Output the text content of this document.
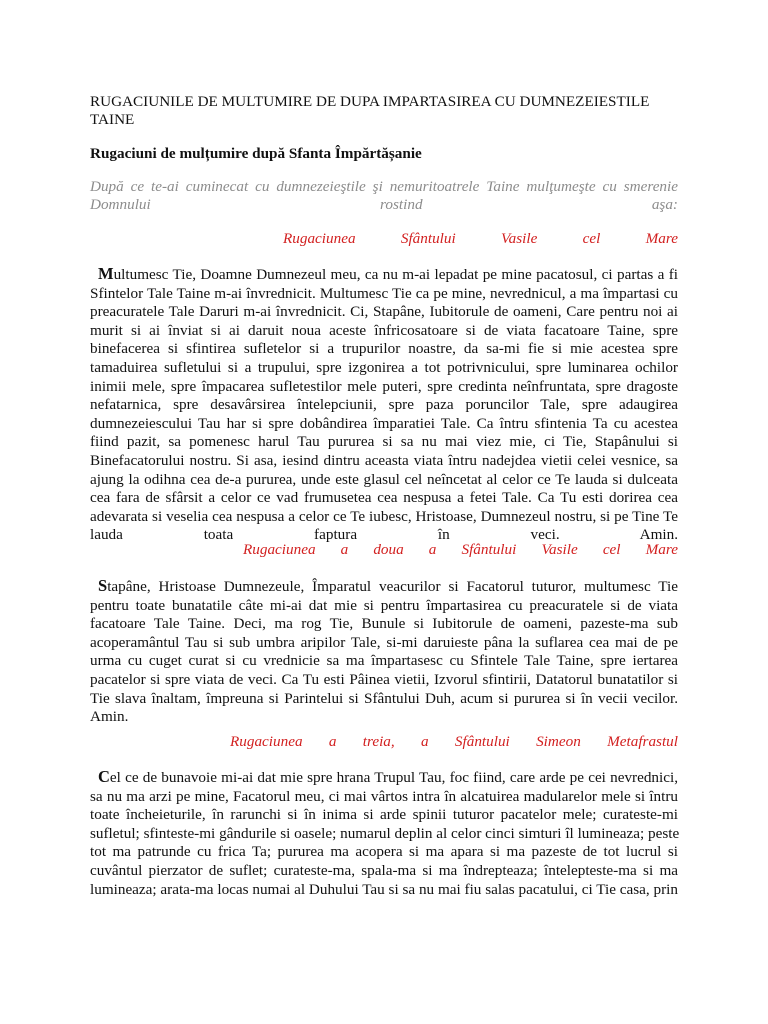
RUGACIUNILE DE MULTUMIRE DE DUPA IMPARTASIREA CU DUMNEZEIESTILE TAINE

Rugaciuni de mulțumire după Sfanta Împărtășanie

După ce te-ai cuminecat cu dumnezeieştile şi nemuritoatrele Taine mulţumeşte cu smerenie Domnului rostind aşa:

Rugaciunea	Sfântului	Vasile	cel	Mare

Multumesc Tie, Doamne Dumnezeul meu, ca nu m-ai lepadat pe mine pacatosul, ci partas a fi
Sfintelor Tale Taine m-ai învrednicit. Multumesc Tie ca pe mine, nevrednicul, a ma împartasi cu
preacuratele Tale Daruri m-ai învrednicit. Ci, Stapâne, Iubitorule de oameni, Care pentru noi ai
murit si ai înviat si ai daruit noua aceste înfricosatoare si de viata facatoare Taine, spre
binefacerea si sfintirea sufletelor si a trupurilor noastre, da sa-mi fie si mie acestea spre
tamaduirea sufletului si a trupului, spre izgonirea a tot potrivnicului, spre luminarea ochilor
inimii mele, spre împacarea sufletestilor mele puteri, spre credinta neînfruntata, spre dragoste
nefatarnica, spre desavârsirea întelepciunii, spre paza poruncilor Tale, spre adaugirea
dumnezeiescului Tau har si spre dobândirea împaratiei Tale. Ca întru sfintenia Ta cu acestea
fiind pazit, sa pomenesc harul Tau pururea si sa nu mai viez mie, ci Tie, Stapânului si
Binefacatorului nostru. Si asa, iesind dintru aceasta viata întru nadejdea vietii celei vesnice, sa
ajung la odihna cea de-a pururea, unde este glasul cel neîncetat al celor ce Te lauda si dulceata
cea fara de sfârsit a celor ce vad frumusetea cea nespusa a fetei Tale. Ca Tu esti dorirea cea
adevarata si veselia cea nespusa a celor ce Te iubesc, Hristoase, Dumnezeul nostru, si pe Tine Te
lauda toata faptura în veci. Amin.

Rugaciunea a doua a Sfântului Vasile cel Mare

Stapâne, Hristoase Dumnezeule, Împaratul veacurilor si Facatorul tuturor, multumesc Tie
pentru toate bunatatile câte mi-ai dat mie si pentru împartasirea cu preacuratele si de viata
facatoare Tale Taine. Deci, ma rog Tie, Bunule si Iubitorule de oameni, pazeste-ma sub
acoperamântul Tau si sub umbra aripilor Tale, si-mi daruieste pâna la suflarea cea mai de pe
urma cu cuget curat si cu vrednicie sa ma împartasesc cu Sfintele Tale Taine, spre iertarea
pacatelor si spre viata de veci. Ca Tu esti Pâinea vietii, Izvorul sfintirii, Datatorul bunatatilor si
Tie slava înaltam, împreuna si Parintelui si Sfântului Duh, acum si pururea si în vecii vecilor.
Amin.

Rugaciunea a treia, a Sfântului Simeon Metafrastul

Cel ce de bunavoie mi-ai dat mie spre hrana Trupul Tau, foc fiind, care arde pe cei nevrednici,
sa nu ma arzi pe mine, Facatorul meu, ci mai vârtos intra în alcatuirea madularelor mele si întru
toate încheieturile, în rarunchi si în inima si arde spinii tuturor pacatelor mele; curateste-mi
sufletul; sfinteste-mi gândurile si oasele; numarul deplin al celor cinci simturi îl lumineaza; peste
tot ma patrunde cu frica Ta; pururea ma acopera si ma apara si ma pazeste de tot lucrul si
cuvântul pierzator de suflet; curateste-ma, spala-ma si ma îndrepteaza; întelepteste-ma si ma
lumineaza; arata-ma locas numai al Duhului Tau si sa nu mai fiu salas pacatului, ci Tie casa, prin
